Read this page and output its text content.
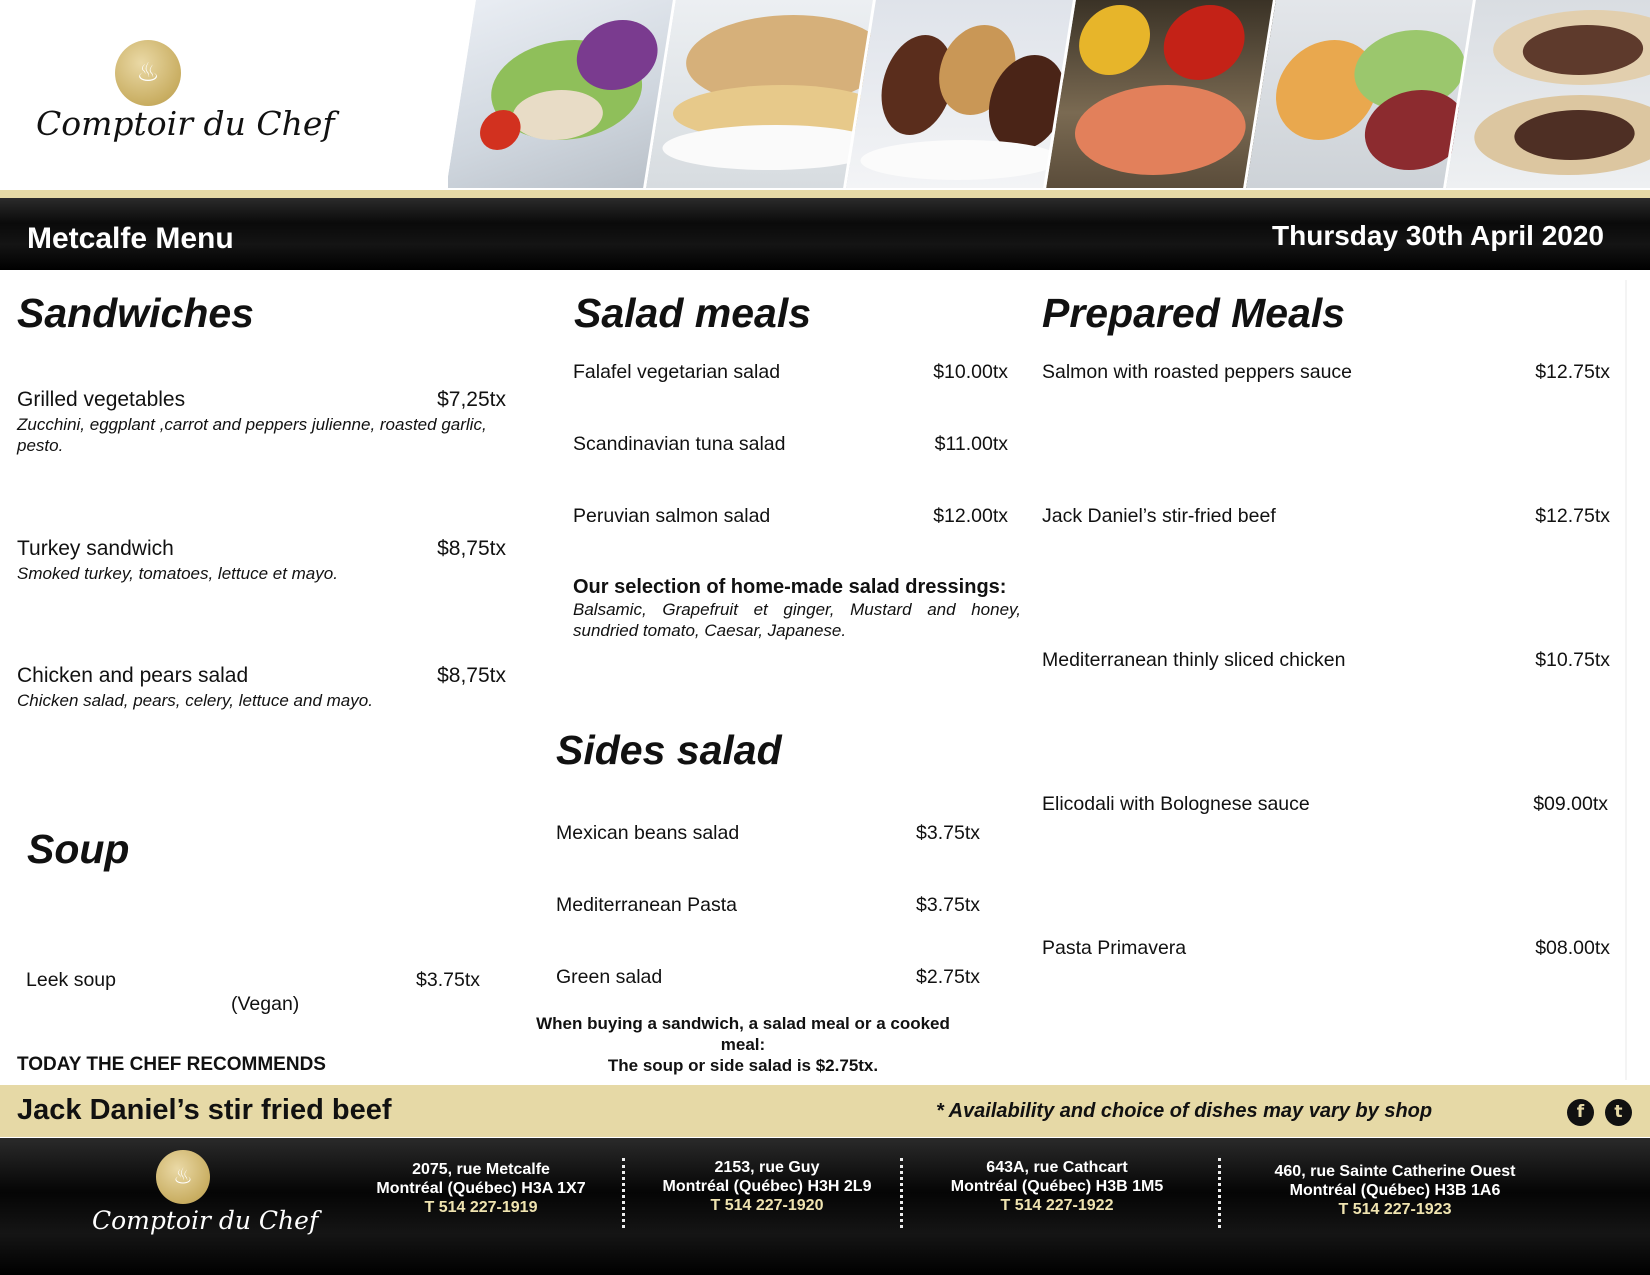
♨
Comptoir du Chef
Metcalfe Menu	Thursday 30th April 2020
Sandwiches
Grilled vegetables	$7,25tx
Zucchini, eggplant ,carrot and peppers julienne, roasted garlic, pesto.
Turkey sandwich	$8,75tx
Smoked turkey, tomatoes, lettuce et mayo.
Chicken and pears salad	$8,75tx
Chicken salad, pears, celery, lettuce and mayo.
Soup
Leek soup	$3.75tx
(Vegan)
TODAY THE CHEF RECOMMENDS
Salad meals
Falafel vegetarian salad	$10.00tx
Scandinavian tuna salad	$11.00tx
Peruvian salmon salad	$12.00tx
Our selection of home-made salad dressings:
Balsamic, Grapefruit et ginger, Mustard and honey, sundried tomato, Caesar, Japanese.
Sides salad
Mexican beans salad	$3.75tx
Mediterranean Pasta	$3.75tx
Green salad	$2.75tx
When buying a sandwich, a salad meal or a cooked
meal:
The soup or side salad is $2.75tx.
Prepared Meals
Salmon with roasted peppers sauce	$12.75tx
Jack Daniel’s stir-fried beef	$12.75tx
Mediterranean thinly sliced chicken	$10.75tx
Elicodali with Bolognese sauce	$09.00tx
Pasta Primavera	$08.00tx
Jack Daniel’s stir fried beef	* Availability and choice of dishes may vary by shop	f	t
♨
Comptoir du Chef
2075, rue Metcalfe
Montréal (Québec) H3A 1X7
T 514 227-1919
2153, rue Guy
Montréal (Québec) H3H 2L9
T 514 227-1920
643A, rue Cathcart
Montréal (Québec) H3B 1M5
T 514 227-1922
460, rue Sainte Catherine Ouest
Montréal (Québec) H3B 1A6
T 514 227-1923
